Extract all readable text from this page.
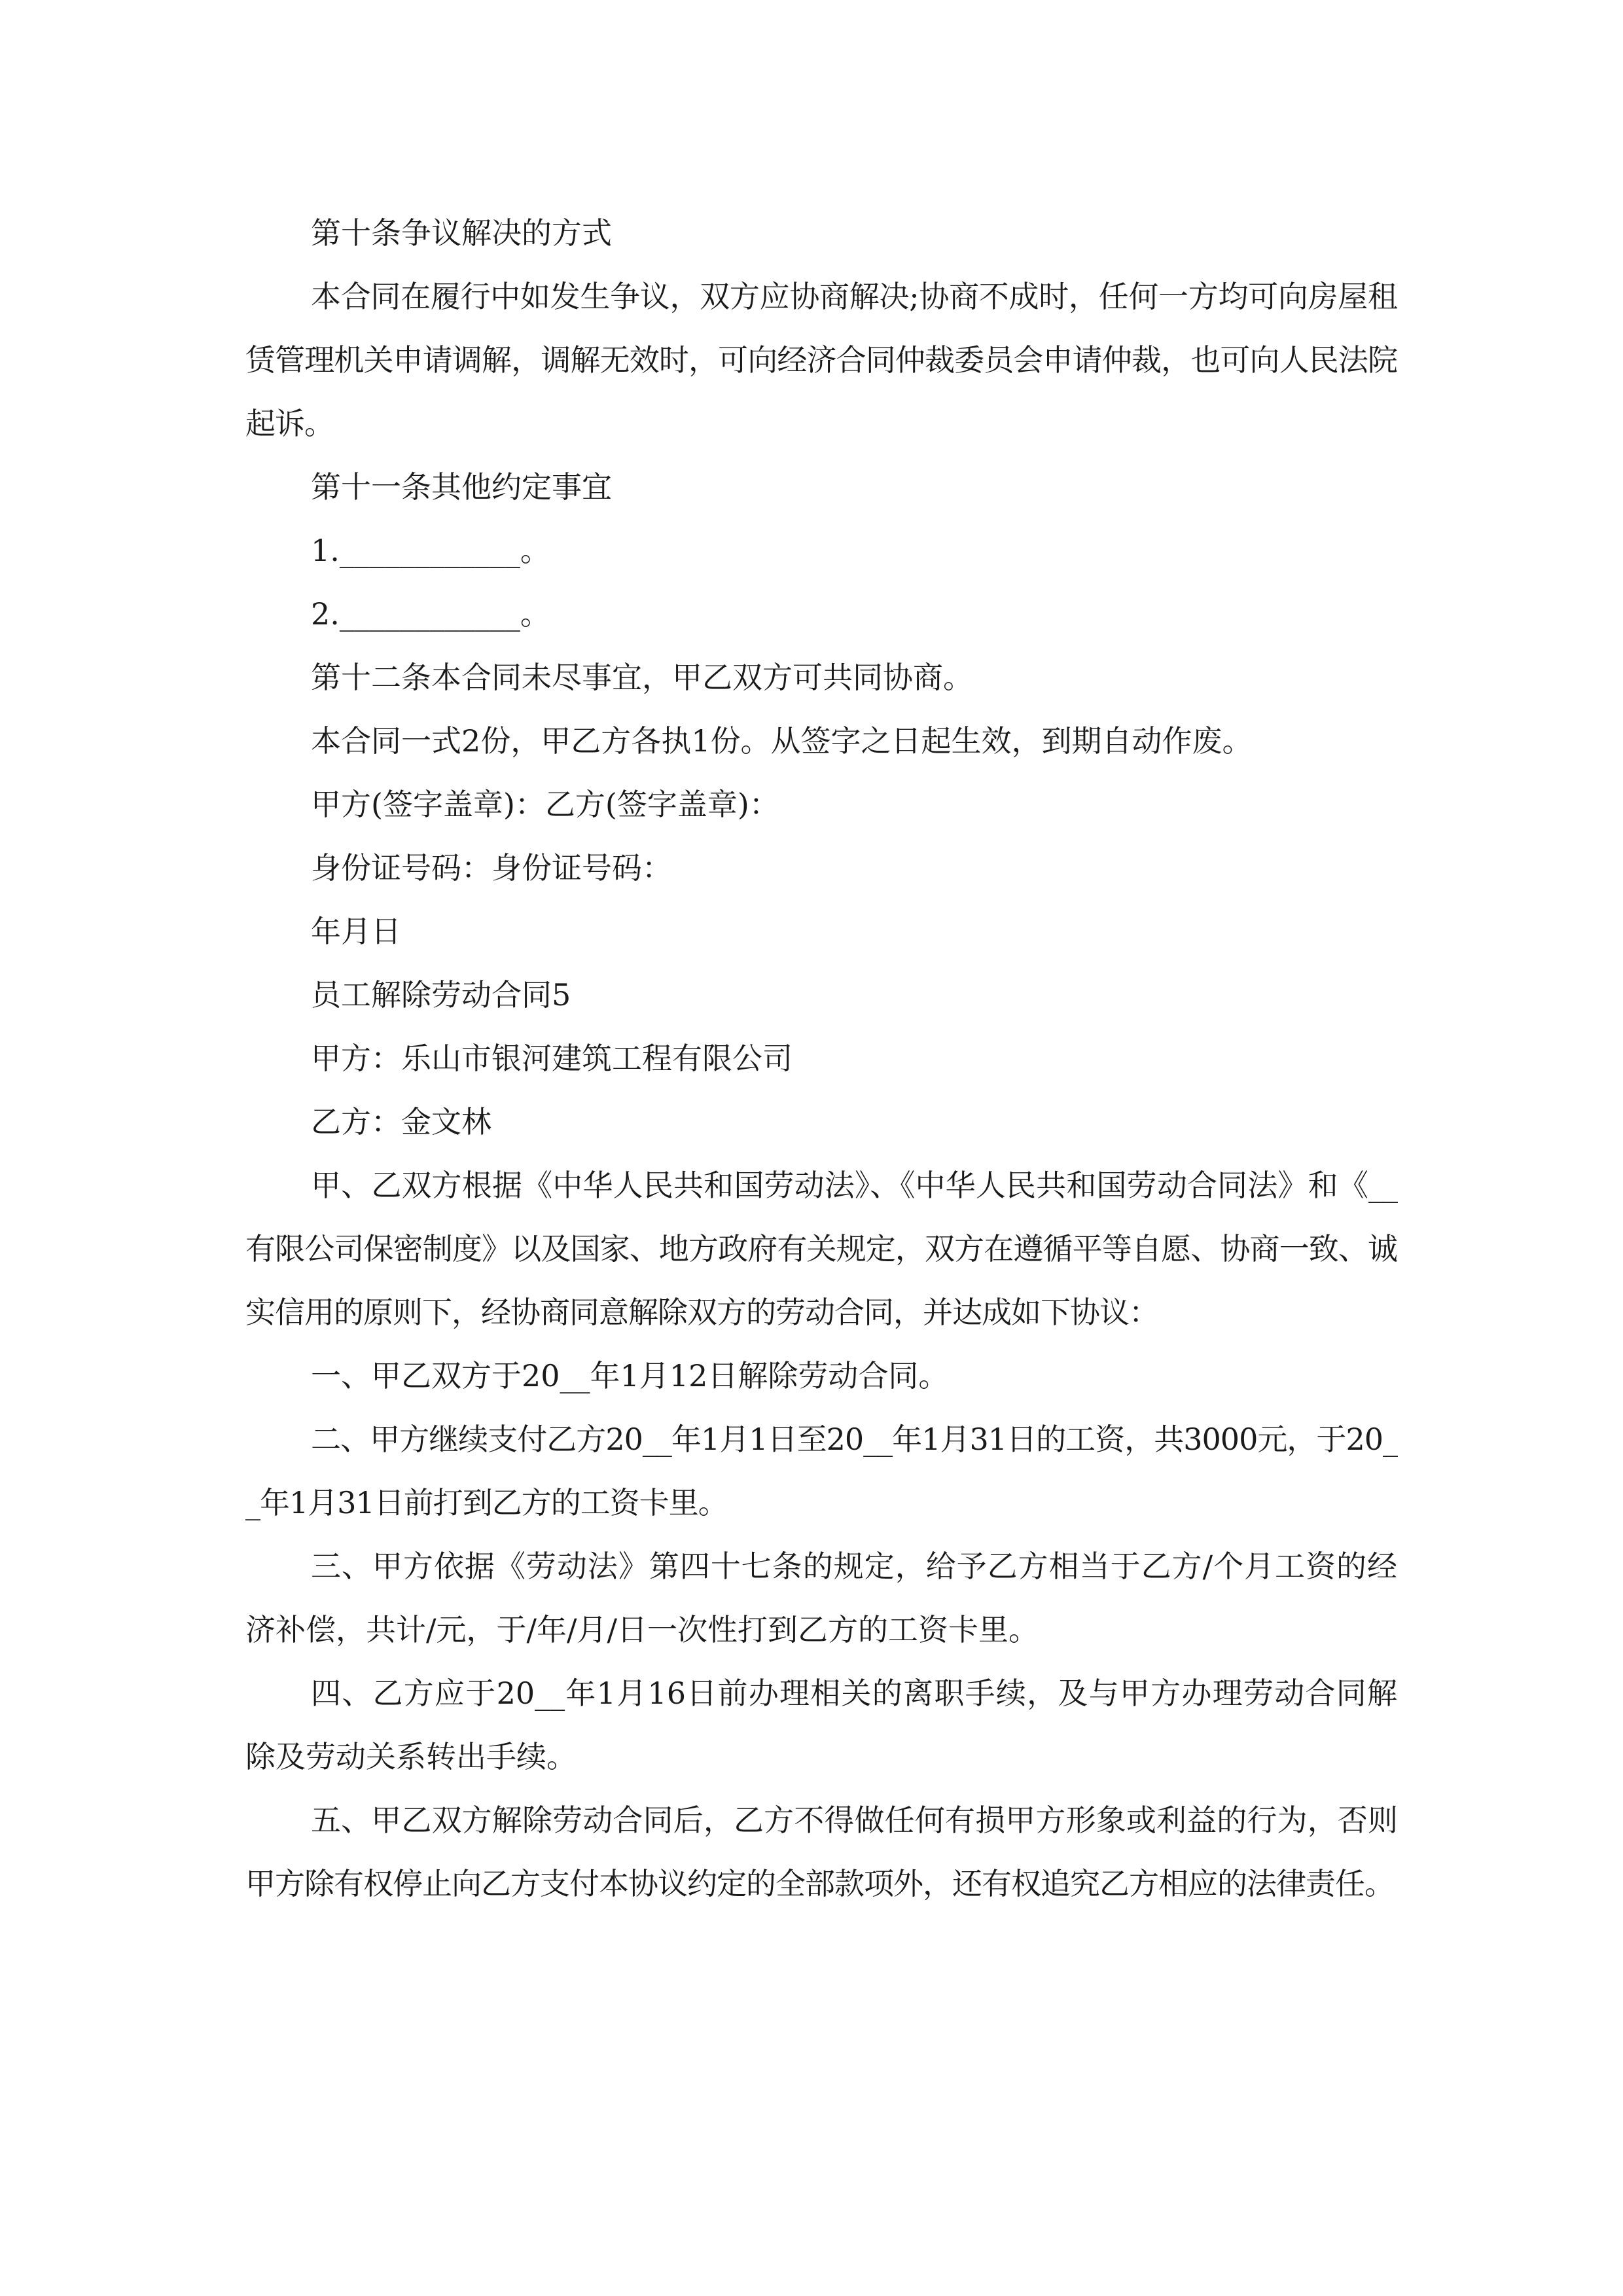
第十条争议解决的方式

本合同在履行中如发生争议，双方应协商解决;协商不成时，任何一方均可向房屋租赁管理机关申请调解，调解无效时，可向经济合同仲裁委员会申请仲裁，也可向人民法院起诉。

第十一条其他约定事宜

1.____________。

2.____________。

第十二条本合同未尽事宜，甲乙双方可共同协商。

本合同一式2份，甲乙方各执1份。从签字之日起生效，到期自动作废。

甲方(签字盖章)：乙方(签字盖章)：

身份证号码：身份证号码：

年月日

员工解除劳动合同5

甲方：乐山市银河建筑工程有限公司

乙方：金文林

甲、乙双方根据《中华人民共和国劳动法》、《中华人民共和国劳动合同法》和《__有限公司保密制度》以及国家、地方政府有关规定，双方在遵循平等自愿、协商一致、诚实信用的原则下，经协商同意解除双方的劳动合同，并达成如下协议：

一、甲乙双方于20__年1月12日解除劳动合同。

二、甲方继续支付乙方20__年1月1日至20__年1月31日的工资，共3000元，于20__年1月31日前打到乙方的工资卡里。

三、甲方依据《劳动法》第四十七条的规定，给予乙方相当于乙方/个月工资的经济补偿，共计/元，于/年/月/日一次性打到乙方的工资卡里。

四、乙方应于20__年1月16日前办理相关的离职手续，及与甲方办理劳动合同解除及劳动关系转出手续。

五、甲乙双方解除劳动合同后，乙方不得做任何有损甲方形象或利益的行为，否则甲方除有权停止向乙方支付本协议约定的全部款项外，还有权追究乙方相应的法律责任。
